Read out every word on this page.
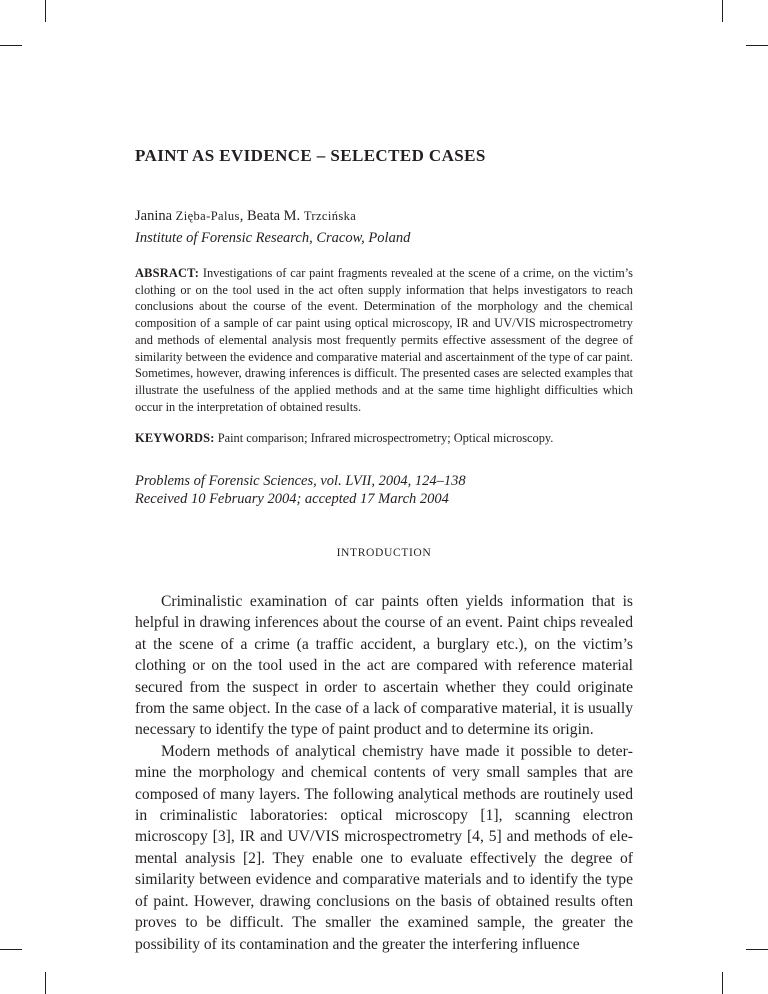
PAINT AS EVIDENCE – SELECTED CASES
Janina Zięba-Palus, Beata M. Trzcińska
Institute of Forensic Research, Cracow, Poland

ABSRACT: Investigations of car paint fragments revealed at the scene of a crime, on the victim’s clothing or on the tool used in the act often supply information that helps investigators to reach conclusions about the course of the event. Determination of the morphology and the chemical composition of a sample of car paint using optical microscopy, IR and UV/VIS microspectrometry and methods of elemental analysis most frequently permits effective assessment of the degree of similarity between the evidence and comparative material and ascertainment of the type of car paint. Sometimes, however, drawing inferences is difficult. The presented cases are selected examples that illustrate the usefulness of the applied methods and at the same time highlight difficulties which occur in the interpretation of obtained results.

KEYWORDS: Paint comparison; Infrared microspectrometry; Optical microscopy.

Problems of Forensic Sciences, vol. LVII, 2004, 124–138
Received 10 February 2004; accepted 17 March 2004
INTRODUCTION

Criminalistic examination of car paints often yields information that is helpful in drawing inferences about the course of an event. Paint chips revealed at the scene of a crime (a traffic accident, a burglary etc.), on the victim’s clothing or on the tool used in the act are compared with reference material secured from the suspect in order to ascertain whether they could originate from the same object. In the case of a lack of comparative material, it is usually necessary to identify the type of paint product and to determine its origin.

Modern methods of analytical chemistry have made it possible to determine the morphology and chemical contents of very small samples that are composed of many layers. The following analytical methods are routinely used in criminalistic laboratories: optical microscopy [1], scanning electron microscopy [3], IR and UV/VIS microspectrometry [4, 5] and methods of elemental analysis [2]. They enable one to evaluate effectively the degree of similarity between evidence and comparative materials and to identify the type of paint. However, drawing conclusions on the basis of obtained results often proves to be difficult. The smaller the examined sample, the greater the possibility of its contamination and the greater the interfering influence
